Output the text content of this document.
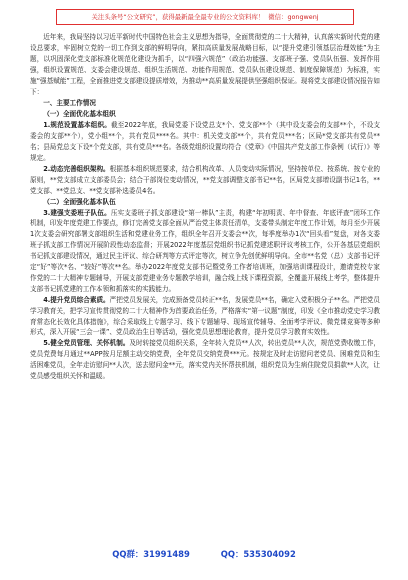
关注头条号“公文研究”，获得最新最全最专业的公文资料库！ 微信：gongwenj

近年来，我局坚持以习近平新时代中国特色社会主义思想为指导，全面贯彻党的二十大精神，认真落实新时代党的建设总要求，牢固树立党的一切工作到支部的鲜明导向，紧扣高质量发展战略目标，以“提升党建引领基层治理效能”为主题，以巩固深化党支部标准化规范化建设为抓手，以“四强六规范”（政治功能强、支部班子强、党员队伍强、发挥作用强，组织设置规范、支委会建设规范、组织生活规范、功能作用规范、党员队伍建设规范、制度保障规范）为标准，实施“强基赋能”工程，全面推进党支部建设提质增效，为推动**高质量发展提供坚强组织保证。现将党支部建设情况报告如下：

一、主要工作情况

（一）全面优化基本组织

1.规范设置基本组织。截至2022年底，我局党委下设党总支*个、党支部**个（其中设支委会的支部**个，不设支委会的支部**个），党小组**个，共有党员****名。其中：机关党支部**个，共有党员***名；区局*党支部共有党员**名；县局党总支下设*个党支部，共有党员***名。各级党组织设置均符合《党章》《中国共产党支部工作条例（试行）》等规定。

2.动态完善组织架构。根据基本组织规范要求，结合机构改革、人员变动实际情况，坚持按单位、按系统、按专业的原则，**党支部成立支部委员会；结合干部岗位变动情况，**党支部调整支部书记**名，区局党支部增设副书记1名，**党支部、**党总支、**党支部补选委员4名。

（二）全面强化基本队伍

3.建强支委班子队伍。压实支委班子抓支部建设“第一棒队”主责，构建“年初明责、年中督查、年底评查”闭环工作机制，印发年度党建工作要点，修订完善党支部全面从严治党主体责任清单，支委带头制定年度工作计划，每月至少开展1次支委会研究部署支部组织生活和党建业务工作，组织全年召开支委会**次，每季度举办1次“回头看”复盘，对各支委班子抓支部工作情况开展阶段性动态监督；开展2022年度基层党组织书记抓党建述职评议考核工作，公开各基层党组织书记抓支部建设情况，通过民主评议、综合研判等方式评定等次，树立争先创优鲜明导向。全市**名党（总）支部书记评定“好”等次*名、“较好”等次**名。举办2022年度党支部书记暨党务工作者培训班，加强培训课程设计，邀请党校专家作党的二十大精神专题辅导，开展支部党建业务专题教学培训，融合线上线下课程资源，全覆盖开展线上考学，整体提升支部书记抓党建的工作本领和抓落实的实践能力。

4.提升党员综合素质。严把党员发展关，完成预备党员转正**名，发展党员**名，确定入党积极分子**名。严把党员学习教育关，把学习宣传贯彻党的二十大精神作为首要政治任务，严格落实“第一议题”制度，印发《全市推动党史学习教育常态化长效化具体措施》，综合采取线上专题学习、线下专题辅导、现场宣传辅导、全面考学评议、微党课竞赛等多种形式，深入开展“三会一课”、党员政治生日等活动，强化党员思想理论教育，提升党员学习教育实效性。

5.健全党员管理、关怀机制。及时转接党员组织关系，全年转入党员**人次，转出党员**人次，规范党费收缴工作，党员党费每月通过**APP按月足额主动交纳党费，全年党员交纳党费***元。按规定及时走访慰问老党员、困难党员和生活困难党员，全年走访慰问**人次，送去慰问金**元，落实党内关怀帮扶机制，组织党员为生病住院党员捐款**人次，让党员感受组织关怀和温暖。

QQ群：31991489	QQ：535304092
